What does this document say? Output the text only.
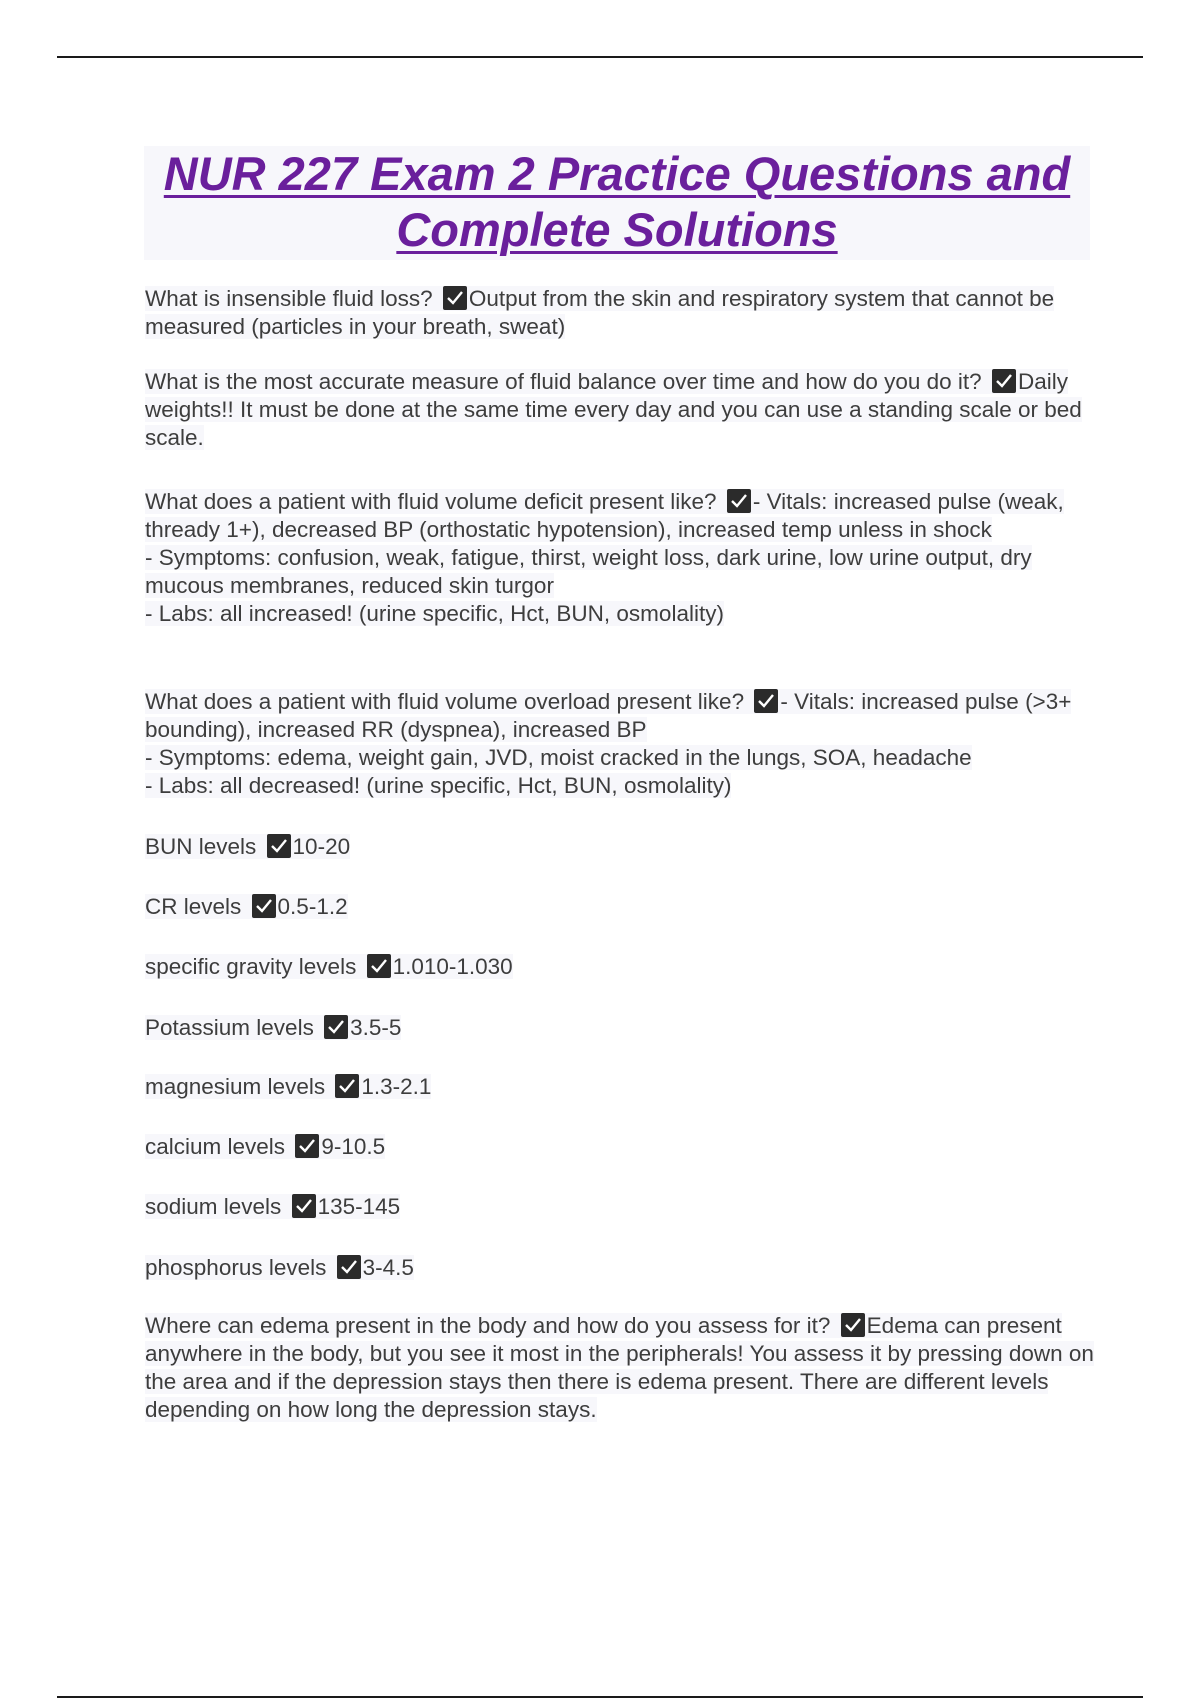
NUR 227 Exam 2 Practice Questions and
Complete Solutions
What is insensible fluid loss? Output from the skin and respiratory system that cannot be measured (particles in your breath, sweat)
What is the most accurate measure of fluid balance over time and how do you do it? Daily weights!! It must be done at the same time every day and you can use a standing scale or bed scale.
What does a patient with fluid volume deficit present like? - Vitals: increased pulse (weak, thready 1+), decreased BP (orthostatic hypotension), increased temp unless in shock
- Symptoms: confusion, weak, fatigue, thirst, weight loss, dark urine, low urine output, dry mucous membranes, reduced skin turgor
- Labs: all increased! (urine specific, Hct, BUN, osmolality)
What does a patient with fluid volume overload present like? - Vitals: increased pulse (>3+ bounding), increased RR (dyspnea), increased BP
- Symptoms: edema, weight gain, JVD, moist cracked in the lungs, SOA, headache
- Labs: all decreased! (urine specific, Hct, BUN, osmolality)
BUN levels 10-20
CR levels 0.5-1.2
specific gravity levels 1.010-1.030
Potassium levels 3.5-5
magnesium levels 1.3-2.1
calcium levels 9-10.5
sodium levels 135-145
phosphorus levels 3-4.5
Where can edema present in the body and how do you assess for it? Edema can present anywhere in the body, but you see it most in the peripherals! You assess it by pressing down on the area and if the depression stays then there is edema present. There are different levels depending on how long the depression stays.
